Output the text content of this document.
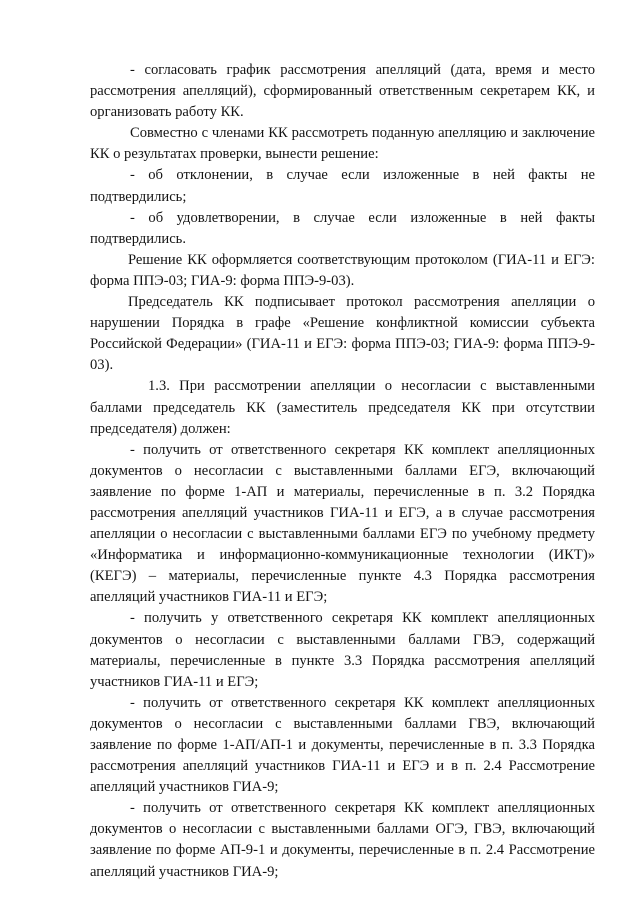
- согласовать график рассмотрения апелляций (дата, время и место рассмотрения апелляций), сформированный ответственным секретарем КК, и организовать работу КК.

Совместно с членами КК рассмотреть поданную апелляцию и заключение КК о результатах проверки, вынести решение:

- об отклонении, в случае если изложенные в ней факты не подтвердились;

- об удовлетворении, в случае если изложенные в ней факты подтвердились.

Решение КК оформляется соответствующим протоколом (ГИА-11 и ЕГЭ: форма ППЭ-03; ГИА-9: форма ППЭ-9-03).

Председатель КК подписывает протокол рассмотрения апелляции о нарушении Порядка в графе «Решение конфликтной комиссии субъекта Российской Федерации» (ГИА-11 и ЕГЭ: форма ППЭ-03; ГИА-9: форма ППЭ-9-03).

1.3. При рассмотрении апелляции о несогласии с выставленными баллами председатель КК (заместитель председателя КК при отсутствии председателя) должен:

- получить от ответственного секретаря КК комплект апелляционных документов о несогласии с выставленными баллами ЕГЭ, включающий заявление по форме 1-АП и материалы, перечисленные в п. 3.2 Порядка рассмотрения апелляций участников ГИА-11 и ЕГЭ, а в случае рассмотрения апелляции о несогласии с выставленными баллами ЕГЭ по учебному предмету «Информатика и информационно-коммуникационные технологии (ИКТ)» (КЕГЭ) – материалы, перечисленные пункте 4.3 Порядка рассмотрения апелляций участников ГИА-11 и ЕГЭ;

- получить у ответственного секретаря КК комплект апелляционных документов о несогласии с выставленными баллами ГВЭ, содержащий материалы, перечисленные в пункте 3.3 Порядка рассмотрения апелляций участников ГИА-11 и ЕГЭ;

- получить от ответственного секретаря КК комплект апелляционных документов о несогласии с выставленными баллами ГВЭ, включающий заявление по форме 1-АП/АП-1 и документы, перечисленные в п. 3.3 Порядка рассмотрения апелляций участников ГИА-11 и ЕГЭ и в п. 2.4 Рассмотрение апелляций участников ГИА-9;

- получить от ответственного секретаря КК комплект апелляционных документов о несогласии с выставленными баллами ОГЭ, ГВЭ, включающий заявление по форме АП-9-1 и документы, перечисленные в п. 2.4 Рассмотрение апелляций участников ГИА-9;
